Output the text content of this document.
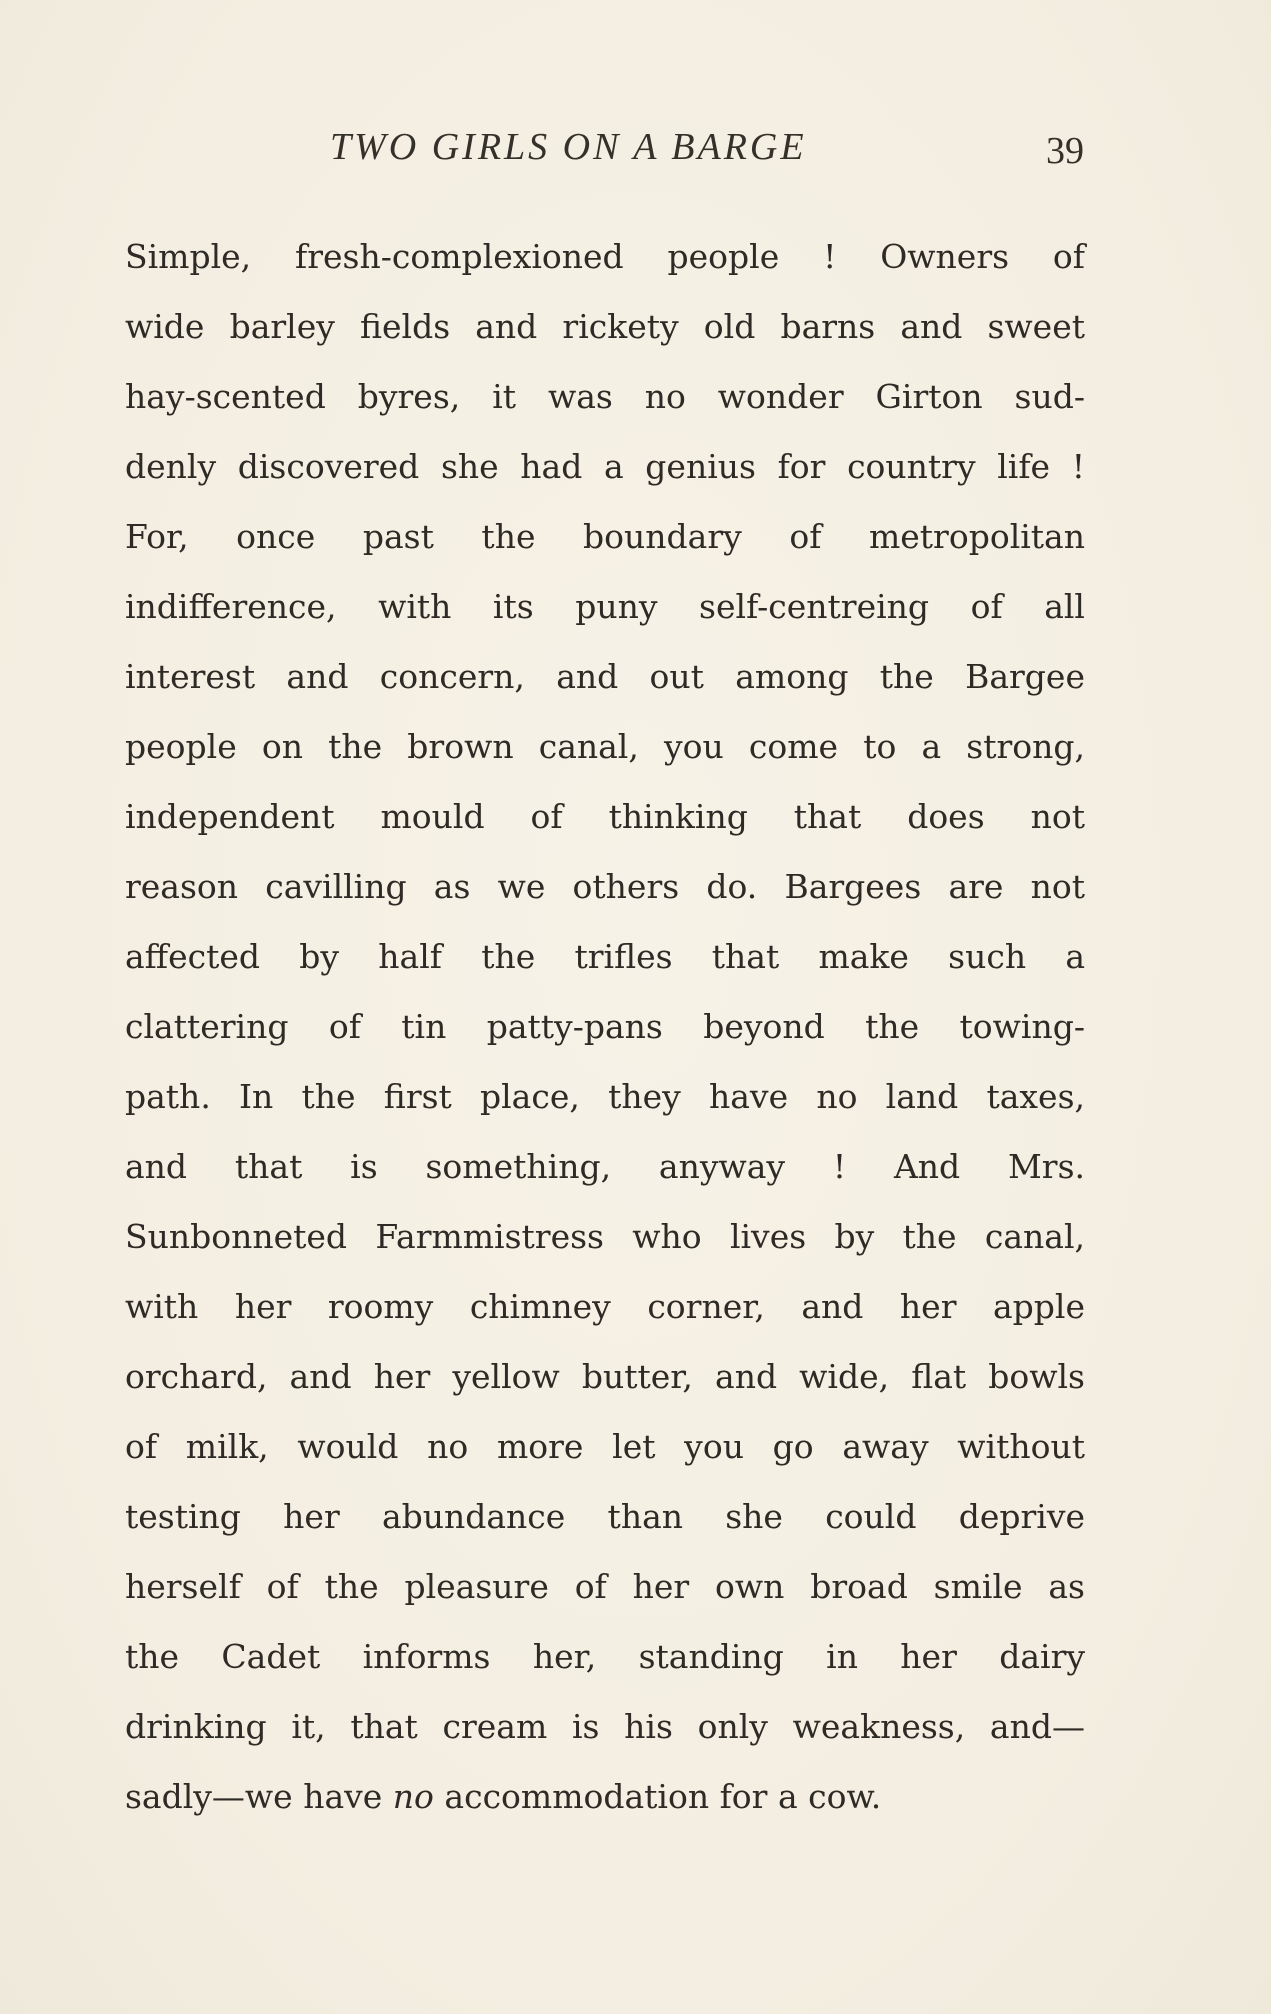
TWO GIRLS ON A BARGE	39
Simple, fresh-complexioned people ! Owners of
wide barley fields and rickety old barns and sweet
hay-scented byres, it was no wonder Girton sud-
denly discovered she had a genius for country life !
For, once past the boundary of metropolitan
indifference, with its puny self-centreing of all
interest and concern, and out among the Bargee
people on the brown canal, you come to a strong,
independent mould of thinking that does not
reason cavilling as we others do. Bargees are not
affected by half the trifles that make such a
clattering of tin patty-pans beyond the towing-
path. In the first place, they have no land taxes,
and that is something, anyway ! And Mrs.
Sunbonneted Farmmistress who lives by the canal,
with her roomy chimney corner, and her apple
orchard, and her yellow butter, and wide, flat bowls
of milk, would no more let you go away without
testing her abundance than she could deprive
herself of the pleasure of her own broad smile as
the Cadet informs her, standing in her dairy
drinking it, that cream is his only weakness, and—
sadly—we have no accommodation for a cow.
